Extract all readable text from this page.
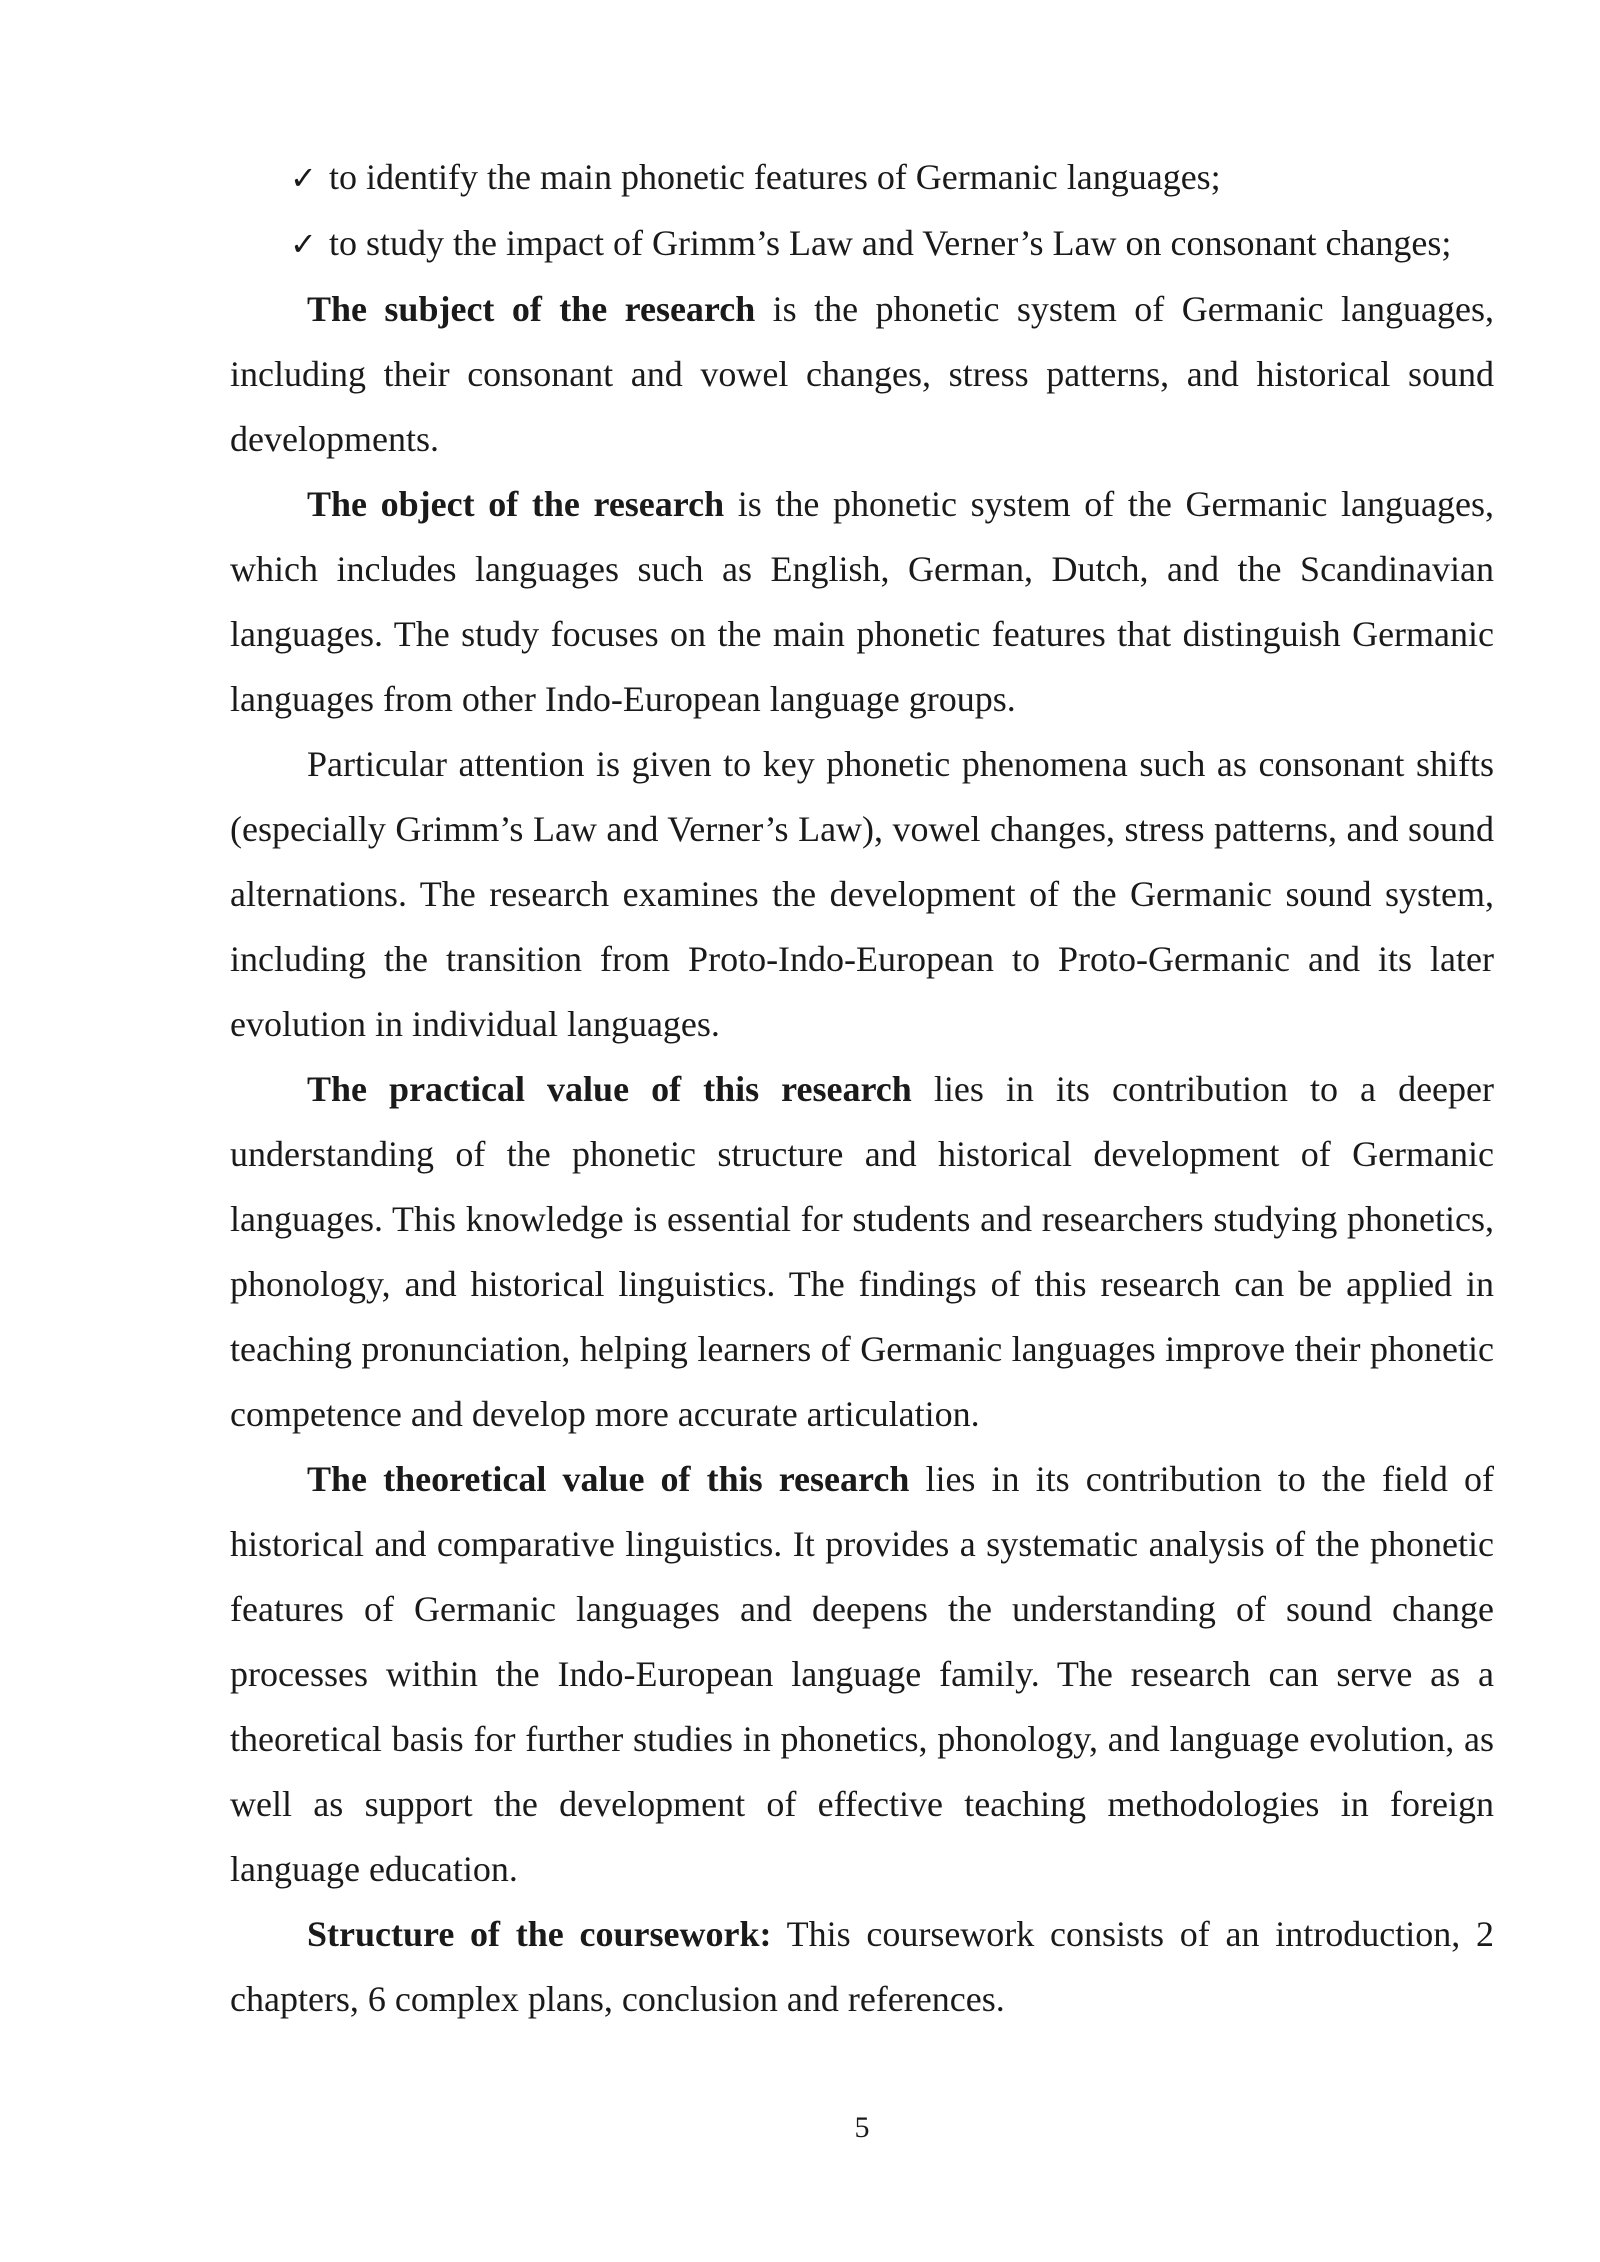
✓ to identify the main phonetic features of Germanic languages;
✓ to study the impact of Grimm’s Law and Verner’s Law on consonant changes;

The subject of the research is the phonetic system of Germanic languages, including their consonant and vowel changes, stress patterns, and historical sound developments.

The object of the research is the phonetic system of the Germanic languages, which includes languages such as English, German, Dutch, and the Scandinavian languages. The study focuses on the main phonetic features that distinguish Germanic languages from other Indo-European language groups.

Particular attention is given to key phonetic phenomena such as consonant shifts (especially Grimm’s Law and Verner’s Law), vowel changes, stress patterns, and sound alternations. The research examines the development of the Germanic sound system, including the transition from Proto-Indo-European to Proto-Germanic and its later evolution in individual languages.

The practical value of this research lies in its contribution to a deeper understanding of the phonetic structure and historical development of Germanic languages. This knowledge is essential for students and researchers studying phonetics, phonology, and historical linguistics. The findings of this research can be applied in teaching pronunciation, helping learners of Germanic languages improve their phonetic competence and develop more accurate articulation.

The theoretical value of this research lies in its contribution to the field of historical and comparative linguistics. It provides a systematic analysis of the phonetic features of Germanic languages and deepens the understanding of sound change processes within the Indo-European language family. The research can serve as a theoretical basis for further studies in phonetics, phonology, and language evolution, as well as support the development of effective teaching methodologies in foreign language education.

Structure of the coursework: This coursework consists of an introduction, 2 chapters, 6 complex plans, conclusion and references.

5
